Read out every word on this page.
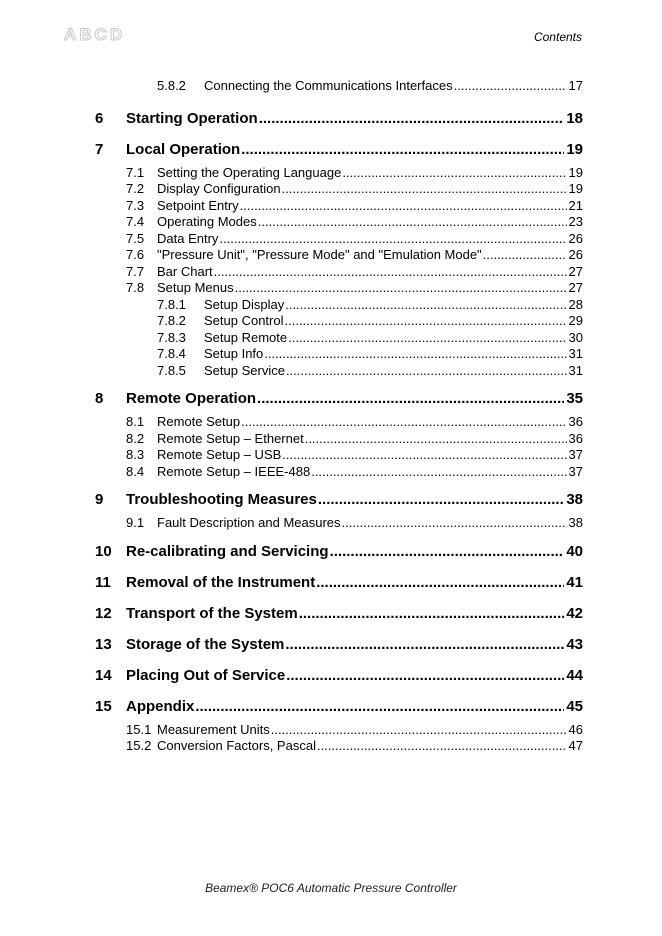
ABCD	Contents
5.8.2	Connecting the Communications Interfaces .....	17
6	Starting Operation .....	18
7	Local Operation .....	19
7.1 Setting the Operating Language .....	19
7.2 Display Configuration .....	19
7.3 Setpoint Entry .....	21
7.4 Operating Modes .....	23
7.5 Data Entry .....	26
7.6 "Pressure Unit", "Pressure Mode" and "Emulation Mode" .....	26
7.7 Bar Chart .....	27
7.8 Setup Menus .....	27
7.8.1	Setup Display .....	28
7.8.2	Setup Control .....	29
7.8.3	Setup Remote .....	30
7.8.4	Setup Info .....	31
7.8.5	Setup Service .....	31
8	Remote Operation .....	35
8.1 Remote Setup .....	36
8.2 Remote Setup – Ethernet .....	36
8.3 Remote Setup – USB .....	37
8.4 Remote Setup – IEEE-488 .....	37
9	Troubleshooting Measures .....	38
9.1 Fault Description and Measures .....	38
10 Re-calibrating and Servicing .....	40
11	Removal of the Instrument .....	41
12 Transport of the System .....	42
13 Storage of the System .....	43
14 Placing Out of Service .....	44
15 Appendix .....	45
15.1 Measurement Units .....	46
15.2 Conversion Factors, Pascal .....	47
Beamex® POC6 Automatic Pressure Controller
